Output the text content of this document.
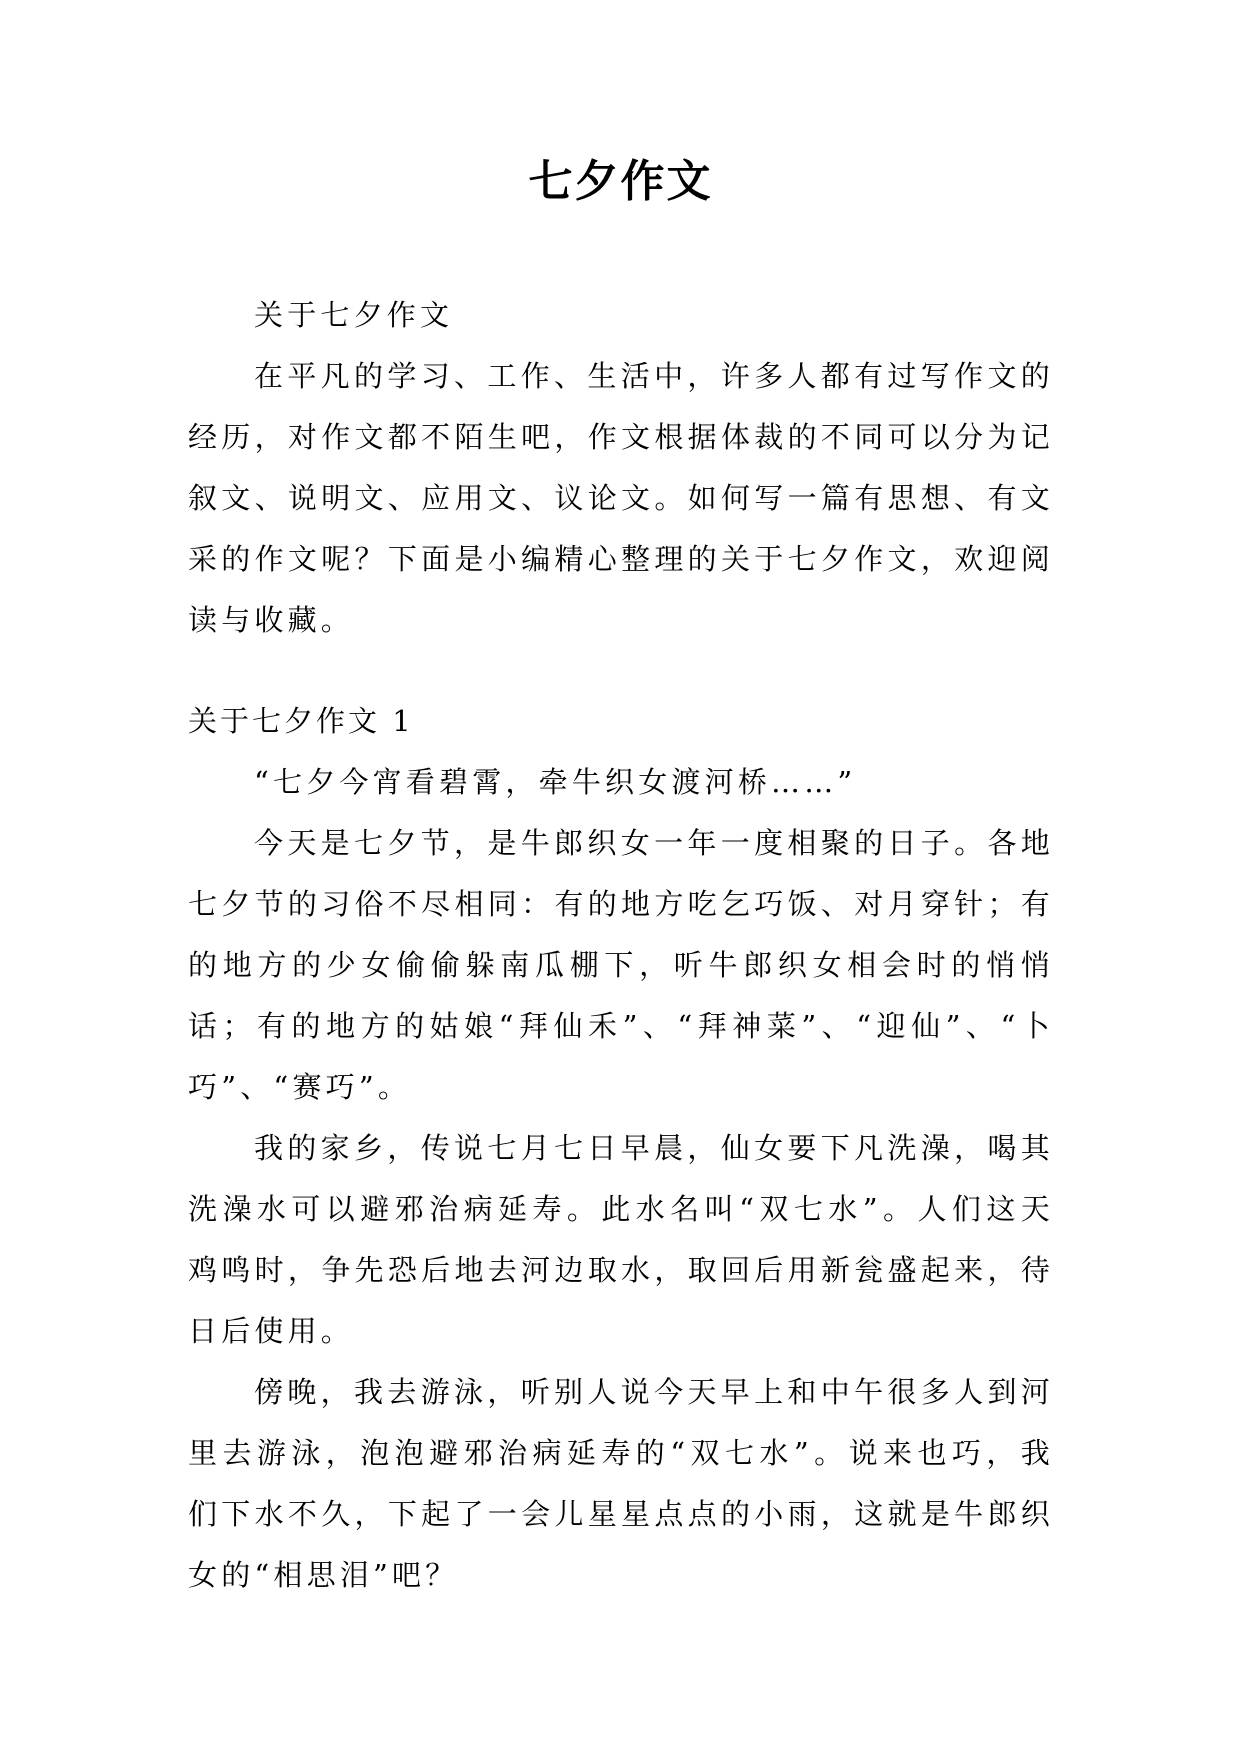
七夕作文

关于七夕作文

在平凡的学习、工作、生活中，许多人都有过写作文的经历，对作文都不陌生吧，作文根据体裁的不同可以分为记叙文、说明文、应用文、议论文。如何写一篇有思想、有文采的作文呢？下面是小编精心整理的关于七夕作文，欢迎阅读与收藏。

关于七夕作文 1

“七夕今宵看碧霄，牵牛织女渡河桥……”

今天是七夕节，是牛郎织女一年一度相聚的日子。各地七夕节的习俗不尽相同：有的地方吃乞巧饭、对月穿针；有的地方的少女偷偷躲南瓜棚下，听牛郎织女相会时的悄悄话；有的地方的姑娘“拜仙禾”、“拜神菜”、“迎仙”、“卜巧”、“赛巧”。

我的家乡，传说七月七日早晨，仙女要下凡洗澡，喝其洗澡水可以避邪治病延寿。此水名叫“双七水”。人们这天鸡鸣时，争先恐后地去河边取水，取回后用新瓮盛起来，待日后使用。

傍晚，我去游泳，听别人说今天早上和中午很多人到河里去游泳，泡泡避邪治病延寿的“双七水”。说来也巧，我们下水不久，下起了一会儿星星点点的小雨，这就是牛郎织女的“相思泪”吧？
